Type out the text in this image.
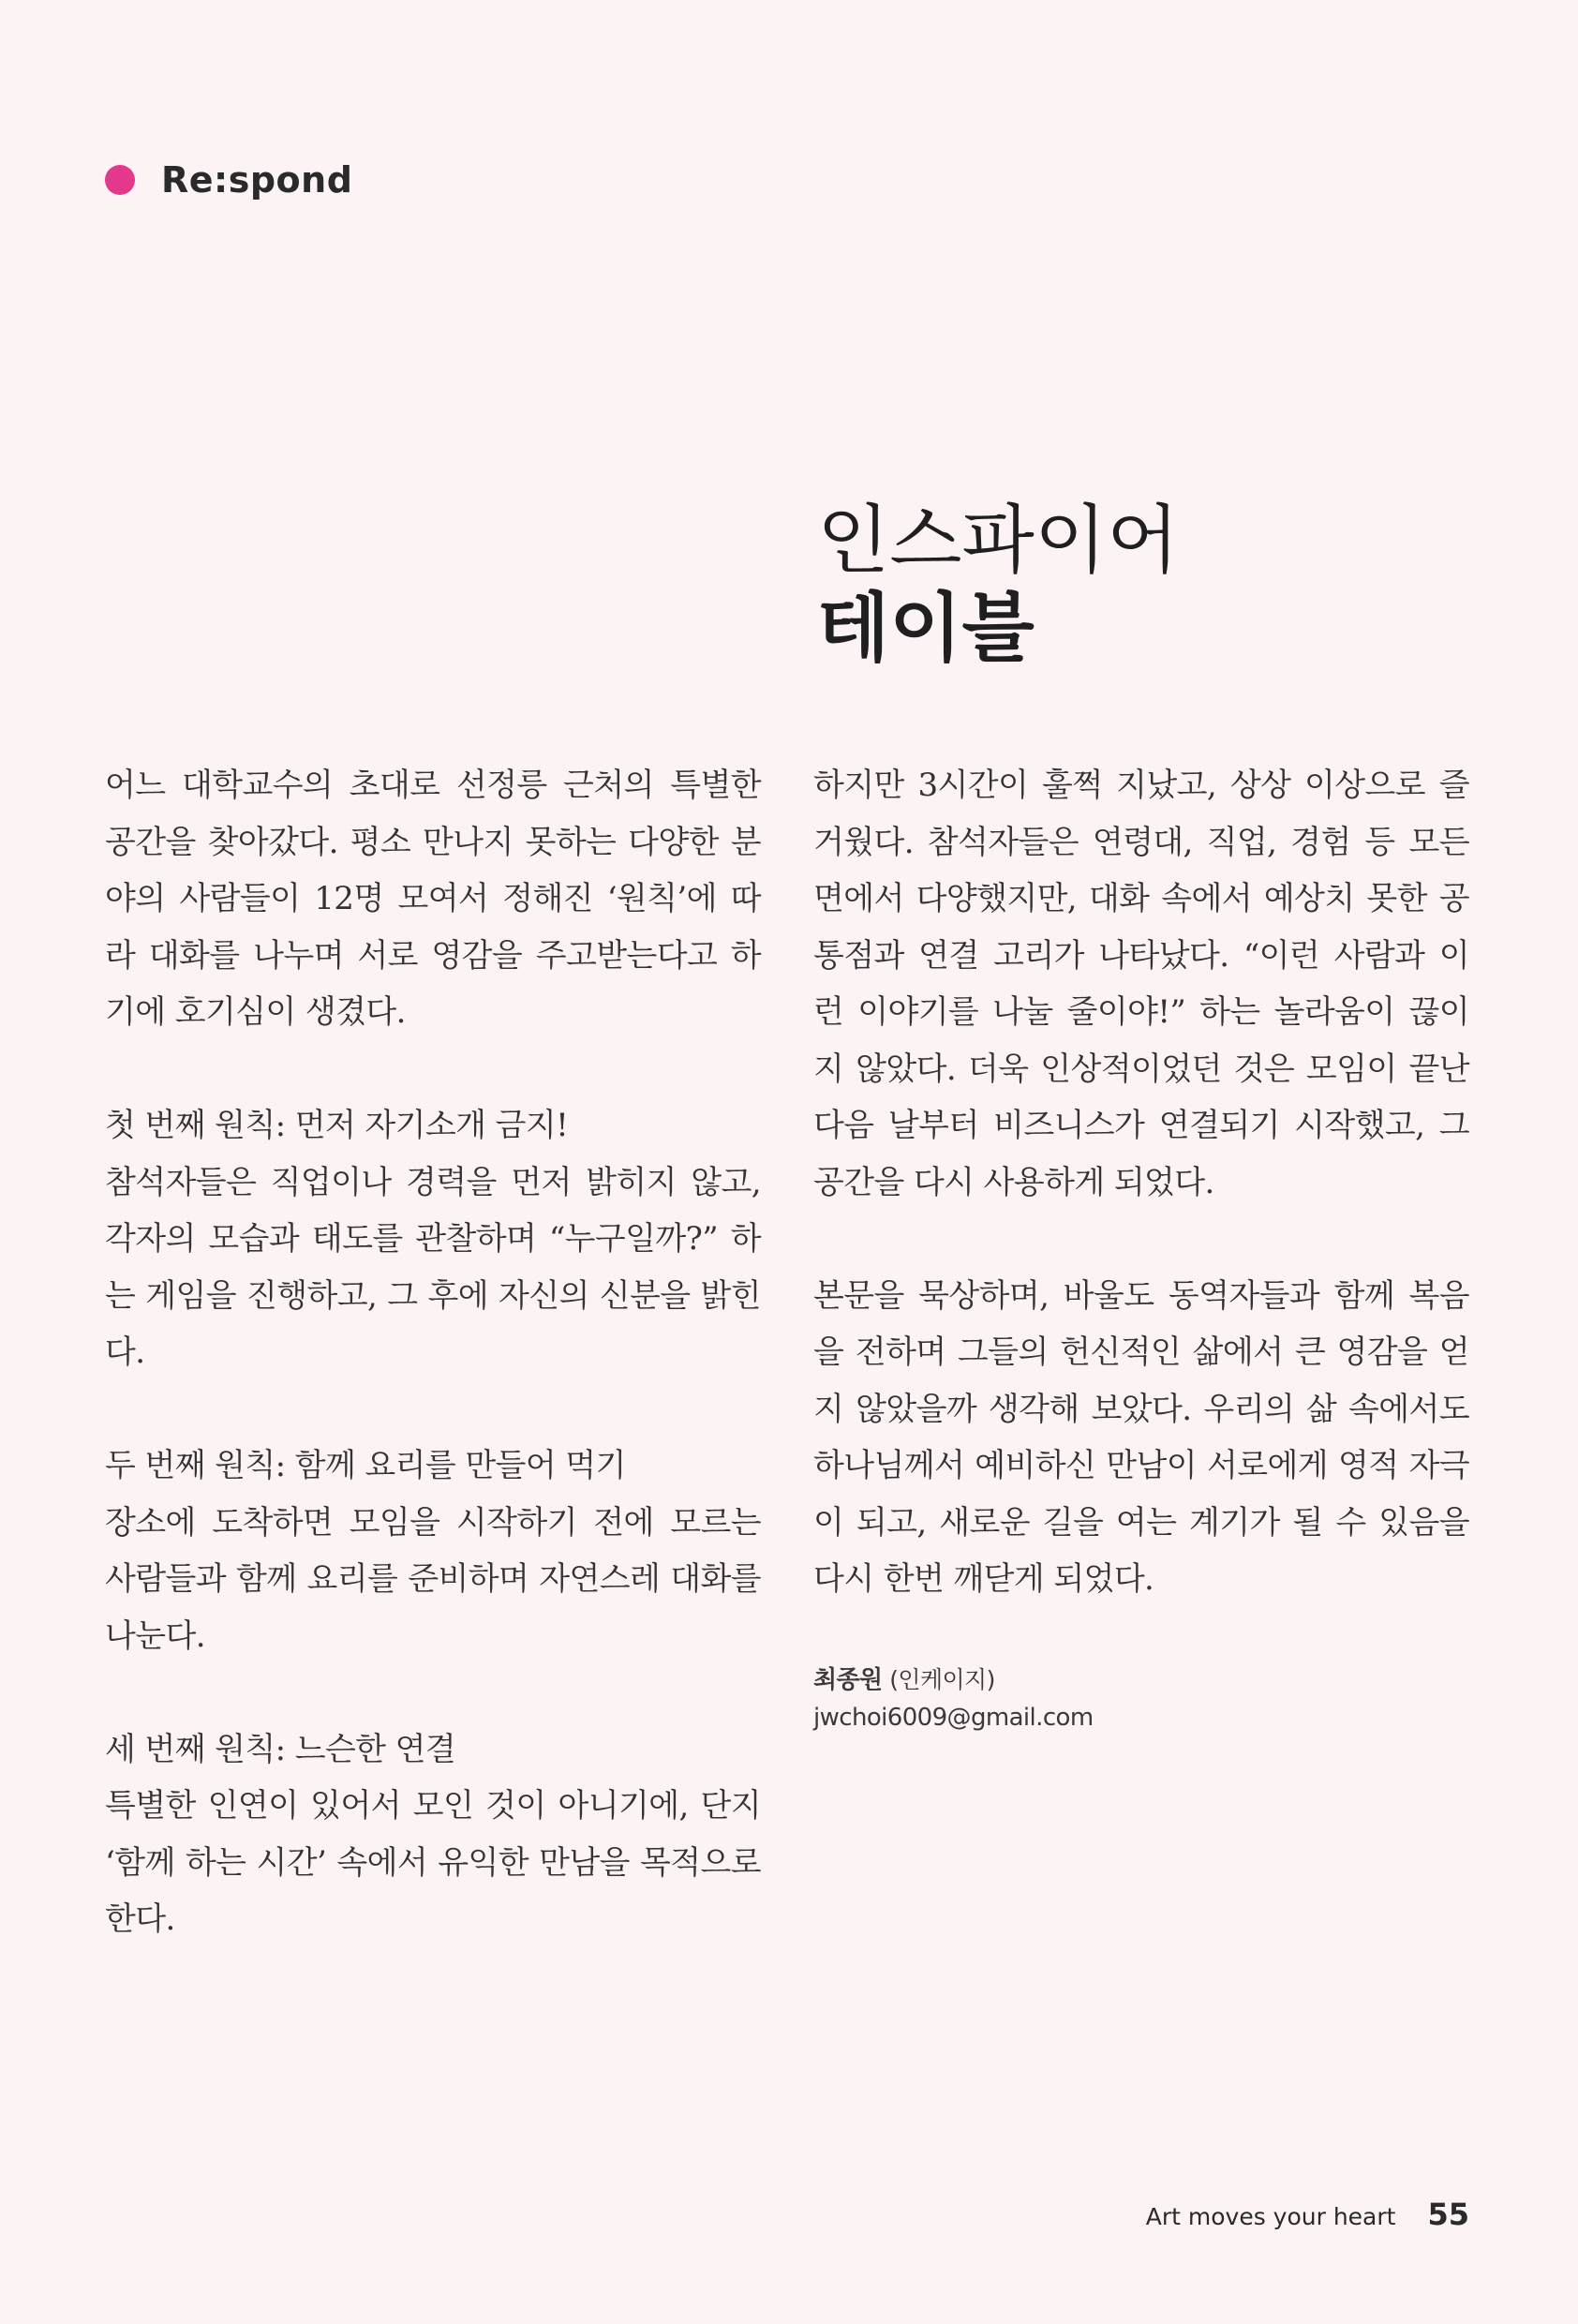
Re:spond
인스파이어
테이블

어느 대학교수의 초대로 선정릉 근처의 특별한 공간을 찾아갔다. 평소 만나지 못하는 다양한 분야의 사람들이 12명 모여서 정해진 ‘원칙’에 따라 대화를 나누며 서로 영감을 주고받는다고 하기에 호기심이 생겼다.

첫 번째 원칙: 먼저 자기소개 금지!
참석자들은 직업이나 경력을 먼저 밝히지 않고, 각자의 모습과 태도를 관찰하며 “누구일까?” 하는 게임을 진행하고, 그 후에 자신의 신분을 밝힌다.

두 번째 원칙: 함께 요리를 만들어 먹기
장소에 도착하면 모임을 시작하기 전에 모르는 사람들과 함께 요리를 준비하며 자연스레 대화를 나눈다.

세 번째 원칙: 느슨한 연결
특별한 인연이 있어서 모인 것이 아니기에, 단지 ‘함께 하는 시간’ 속에서 유익한 만남을 목적으로 한다.

하지만 3시간이 훌쩍 지났고, 상상 이상으로 즐거웠다. 참석자들은 연령대, 직업, 경험 등 모든 면에서 다양했지만, 대화 속에서 예상치 못한 공통점과 연결 고리가 나타났다. “이런 사람과 이런 이야기를 나눌 줄이야!” 하는 놀라움이 끊이지 않았다. 더욱 인상적이었던 것은 모임이 끝난 다음 날부터 비즈니스가 연결되기 시작했고, 그 공간을 다시 사용하게 되었다.

본문을 묵상하며, 바울도 동역자들과 함께 복음을 전하며 그들의 헌신적인 삶에서 큰 영감을 얻지 않았을까 생각해 보았다. 우리의 삶 속에서도 하나님께서 예비하신 만남이 서로에게 영적 자극이 되고, 새로운 길을 여는 계기가 될 수 있음을 다시 한번 깨닫게 되었다.

최종원 (인케이지)
jwchoi6009@gmail.com
Art moves your heart 55
